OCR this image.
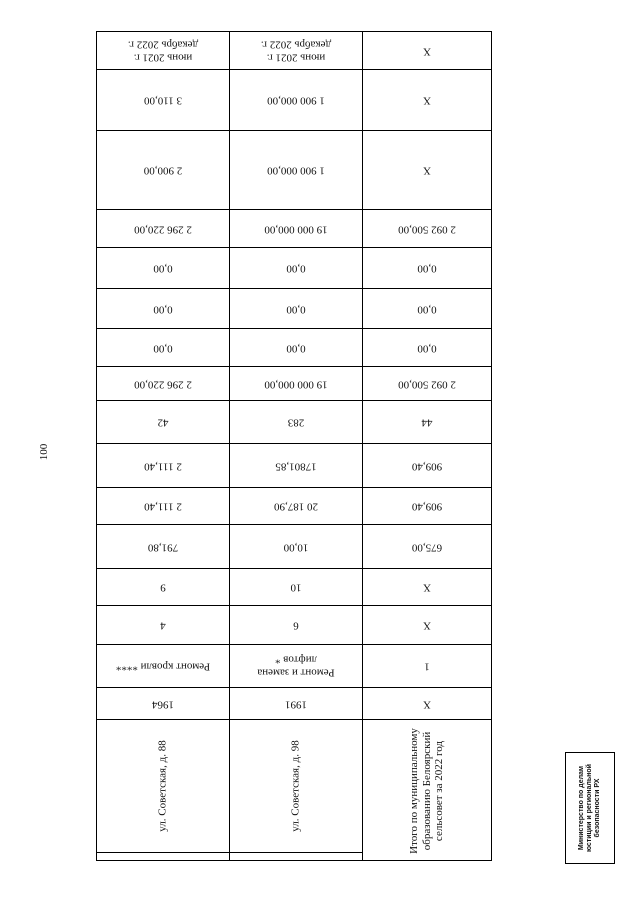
100
июнь 2021 г.
декабрь 2022 г.
3 110,00
2 900,00
2 296 220,00
0,00
0,00
0,00
2 296 220,00
42
2 111,40
2 111,40
791,80
9
4
Ремонт кровли ****
1964
ул. Советская, д. 88
июнь 2021 г.
декабрь 2022 г.
1 900 000,00
1 900 000,00
19 000 000,00
0,00
0,00
0,00
19 000 000,00
283
17801,85
20 187,90
10,00
10
6
Ремонт и замена
лифтов *
1991
ул. Советская, д. 98
X
X
X
2 092 500,00
0,00
0,00
0,00
2 092 500,00
44
909,40
909,40
675,00
X
X
1
X
Итого по муниципальному
образованию Белоярский
сельсовет за 2022 год
Министерство по делам
юстиции и региональной
безопасности РХ
